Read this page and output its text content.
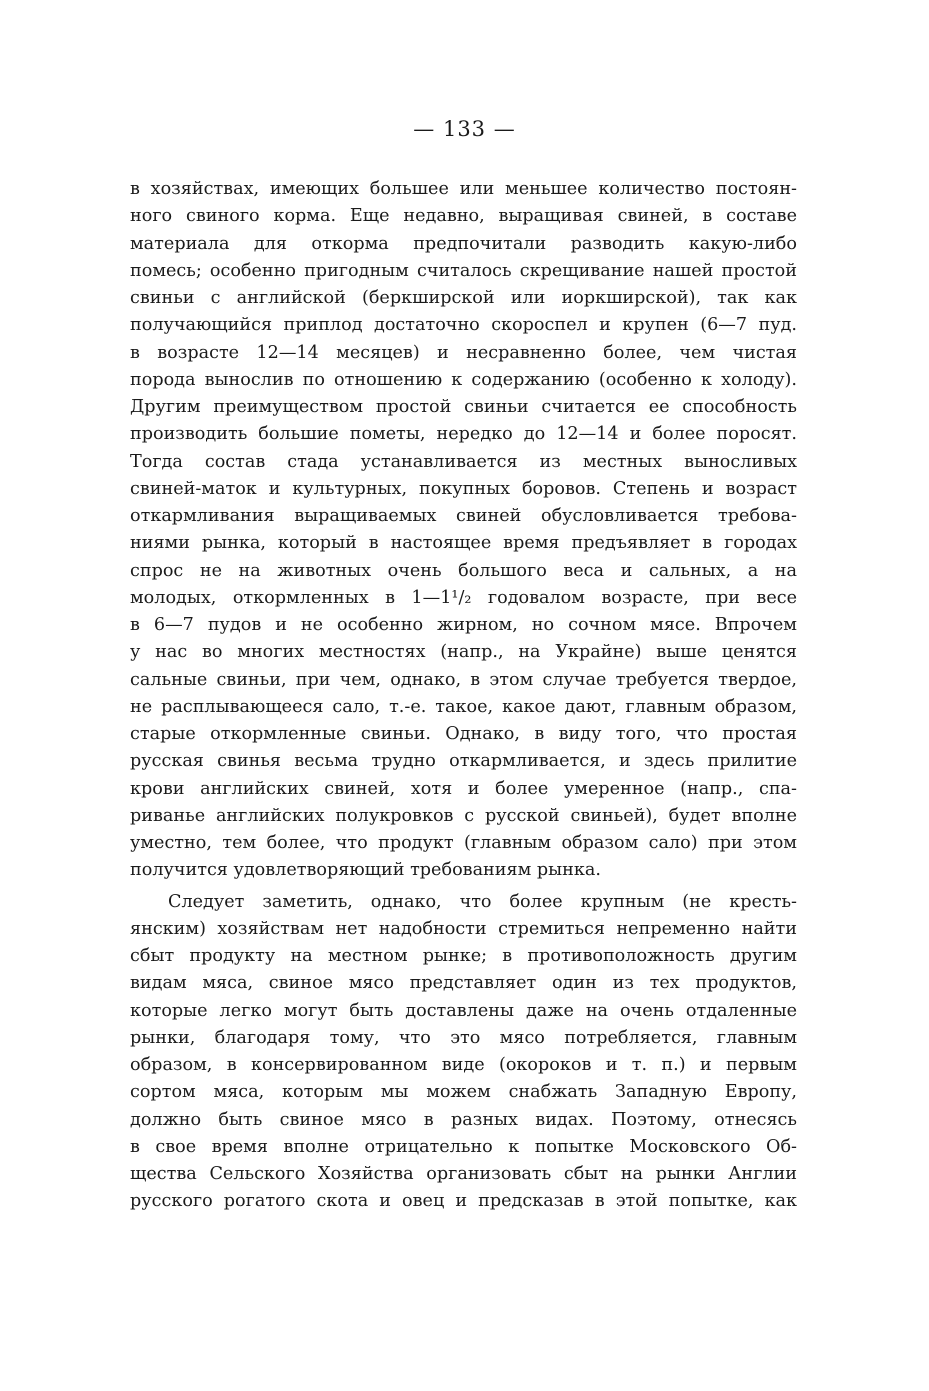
— 133 —
в хозяйствах, имеющих большее или меньшее количество постоян-
ного свиного корма. Еще недавно, выращивая свиней, в составе
материала для откорма предпочитали разводить какую-либо
помесь; особенно пригодным считалось скрещивание нашей простой
свиньи с английской (беркширской или иоркширской), так как
получающийся приплод достаточно скороспел и крупен (6—7 пуд.
в возрасте 12—14 месяцев) и несравненно более, чем чистая
порода вынослив по отношению к содержанию (особенно к холоду).
Другим преимуществом простой свиньи считается ее способность
производить большие пометы, нередко до 12—14 и более поросят.
Тогда состав стада устанавливается из местных выносливых
свиней-маток и культурных, покупных боровов. Степень и возраст
откармливания выращиваемых свиней обусловливается требова-
ниями рынка, который в настоящее время предъявляет в городах
спрос не на животных очень большого веса и сальных, а на
молодых, откормленных в 1—1¹/₂ годовалом возрасте, при весе
в 6—7 пудов и не особенно жирном, но сочном мясе. Впрочем
у нас во многих местностях (напр., на Украйне) выше ценятся
сальные свиньи, при чем, однако, в этом случае требуется твердое,
не расплывающееся сало, т.-е. такое, какое дают, главным образом,
старые откормленные свиньи. Однако, в виду того, что простая
русская свинья весьма трудно откармливается, и здесь прилитие
крови английских свиней, хотя и более умеренное (напр., спа-
риванье английских полукровков с русской свиньей), будет вполне
уместно, тем более, что продукт (главным образом сало) при этом
получится удовлетворяющий требованиям рынка.
Следует заметить, однако, что более крупным (не кресть-
янским) хозяйствам нет надобности стремиться непременно найти
сбыт продукту на местном рынке; в противоположность другим
видам мяса, свиное мясо представляет один из тех продуктов,
которые легко могут быть доставлены даже на очень отдаленные
рынки, благодаря тому, что это мясо потребляется, главным
образом, в консервированном виде (окороков и т. п.) и первым
сортом мяса, которым мы можем снабжать Западную Европу,
должно быть свиное мясо в разных видах. Поэтому, отнесясь
в свое время вполне отрицательно к попытке Московского Об-
щества Сельского Хозяйства организовать сбыт на рынки Англии
русского рогатого скота и овец и предсказав в этой попытке, как
